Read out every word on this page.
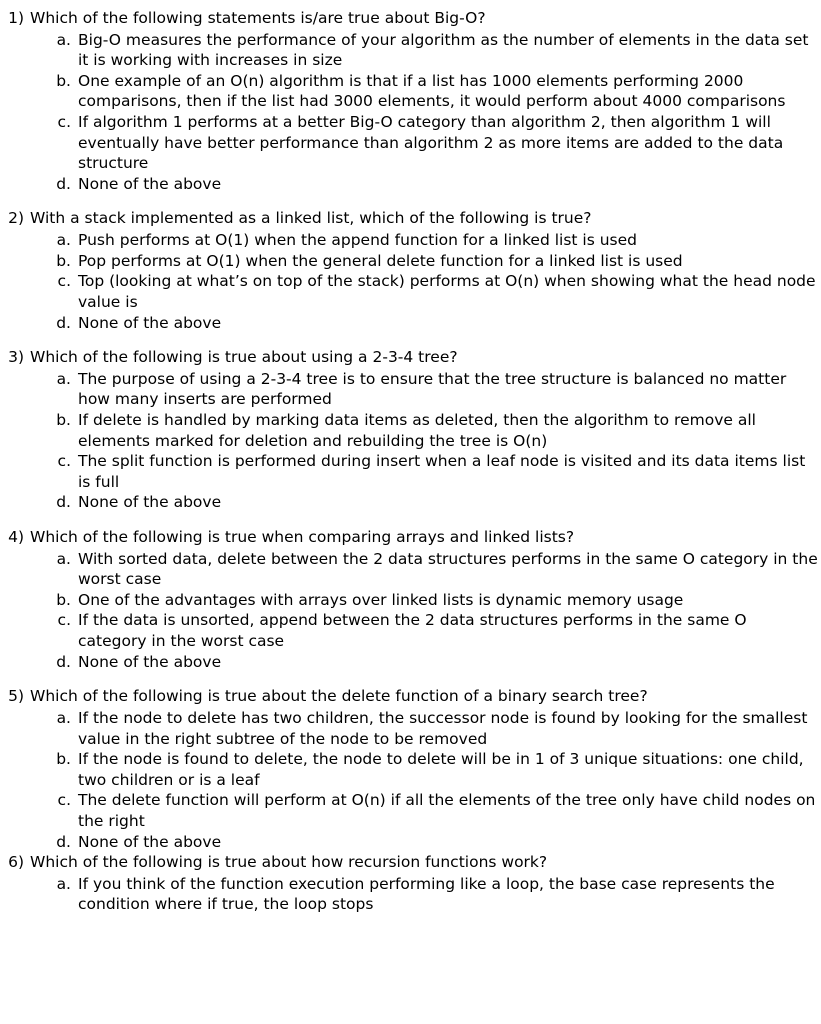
1) Which of the following statements is/are true about Big-O?
a. Big-O measures the performance of your algorithm as the number of elements in the data set it is working with increases in size
b. One example of an O(n) algorithm is that if a list has 1000 elements performing 2000 comparisons, then if the list had 3000 elements, it would perform about 4000 comparisons
c. If algorithm 1 performs at a better Big-O category than algorithm 2, then algorithm 1 will eventually have better performance than algorithm 2 as more items are added to the data structure
d. None of the above
2) With a stack implemented as a linked list, which of the following is true?
a. Push performs at O(1) when the append function for a linked list is used
b. Pop performs at O(1) when the general delete function for a linked list is used
c. Top (looking at what’s on top of the stack) performs at O(n) when showing what the head node value is
d. None of the above
3) Which of the following is true about using a 2-3-4 tree?
a. The purpose of using a 2-3-4 tree is to ensure that the tree structure is balanced no matter how many inserts are performed
b. If delete is handled by marking data items as deleted, then the algorithm to remove all elements marked for deletion and rebuilding the tree is O(n)
c. The split function is performed during insert when a leaf node is visited and its data items list is full
d. None of the above
4) Which of the following is true when comparing arrays and linked lists?
a. With sorted data, delete between the 2 data structures performs in the same O category in the worst case
b. One of the advantages with arrays over linked lists is dynamic memory usage
c. If the data is unsorted, append between the 2 data structures performs in the same O category in the worst case
d. None of the above
5) Which of the following is true about the delete function of a binary search tree?
a. If the node to delete has two children, the successor node is found by looking for the smallest value in the right subtree of the node to be removed
b. If the node is found to delete, the node to delete will be in 1 of 3 unique situations: one child, two children or is a leaf
c. The delete function will perform at O(n) if all the elements of the tree only have child nodes on the right
d. None of the above
6) Which of the following is true about how recursion functions work?
a. If you think of the function execution performing like a loop, the base case represents the condition where if true, the loop stops
